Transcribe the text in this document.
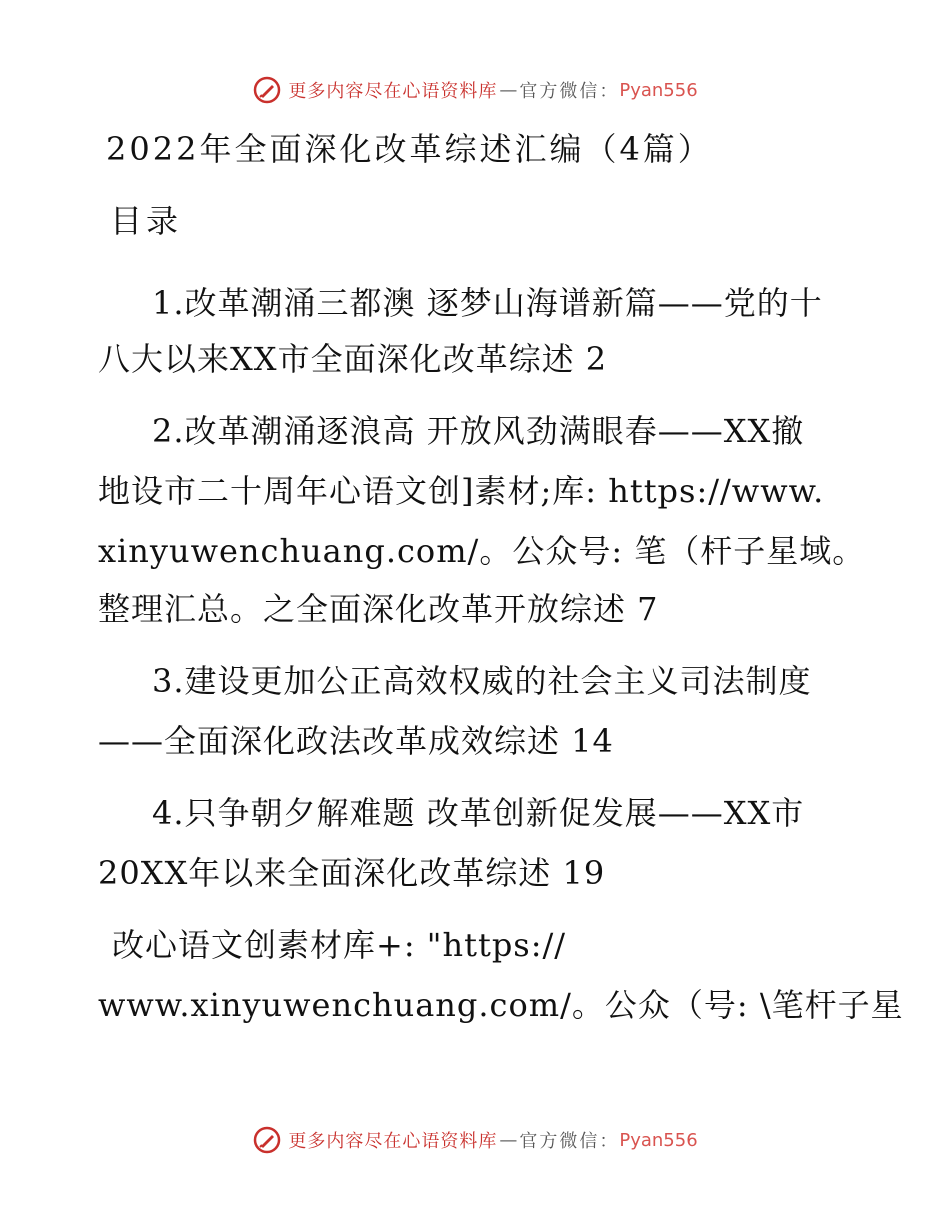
更多内容尽在心语资料库 — 官方微信： Pyan556
2022年全面深化改革综述汇编（4篇）
目录
1.改革潮涌三都澳 逐梦山海谱新篇——党的十
八大以来XX市全面深化改革综述 2
2.改革潮涌逐浪高 开放风劲满眼春——XX撤
地设市二十周年心语文创]素材;库: https://www.
xinyuwenchuang.com/。公众号: 笔（杆子星域。
整理汇总。之全面深化改革开放综述 7
3.建设更加公正高效权威的社会主义司法制度
——全面深化政法改革成效综述 14
4.只争朝夕解难题 改革创新促发展——XX市
20XX年以来全面深化改革综述 19
改心语文创素材库+: "https://
www.xinyuwenchuang.com/。公众（号: \笔杆子星
更多内容尽在心语资料库 — 官方微信： Pyan556
